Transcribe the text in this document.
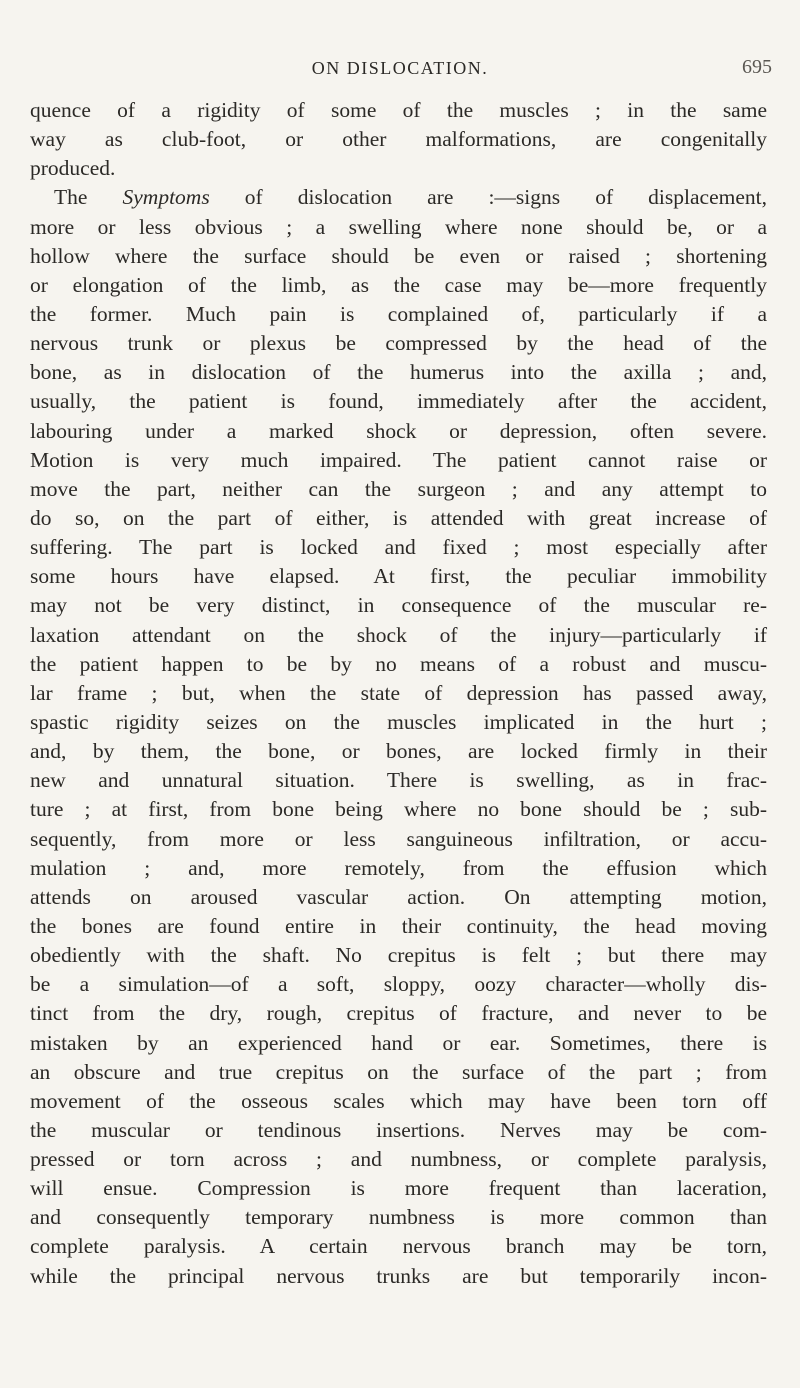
ON DISLOCATION.	695
quence of a rigidity of some of the muscles ; in the same
way as club-foot, or other malformations, are congenitally
produced.
The Symptoms of dislocation are :—signs of displacement,
more or less obvious ; a swelling where none should be, or a
hollow where the surface should be even or raised ; shortening
or elongation of the limb, as the case may be—more frequently
the former. Much pain is complained of, particularly if a
nervous trunk or plexus be compressed by the head of the
bone, as in dislocation of the humerus into the axilla ; and,
usually, the patient is found, immediately after the accident,
labouring under a marked shock or depression, often severe.
Motion is very much impaired. The patient cannot raise or
move the part, neither can the surgeon ; and any attempt to
do so, on the part of either, is attended with great increase of
suffering. The part is locked and fixed ; most especially after
some hours have elapsed. At first, the peculiar immobility
may not be very distinct, in consequence of the muscular re-
laxation attendant on the shock of the injury—particularly if
the patient happen to be by no means of a robust and muscu-
lar frame ; but, when the state of depression has passed away,
spastic rigidity seizes on the muscles implicated in the hurt ;
and, by them, the bone, or bones, are locked firmly in their
new and unnatural situation. There is swelling, as in frac-
ture ; at first, from bone being where no bone should be ; sub-
sequently, from more or less sanguineous infiltration, or accu-
mulation ; and, more remotely, from the effusion which
attends on aroused vascular action. On attempting motion,
the bones are found entire in their continuity, the head moving
obediently with the shaft. No crepitus is felt ; but there may
be a simulation—of a soft, sloppy, oozy character—wholly dis-
tinct from the dry, rough, crepitus of fracture, and never to be
mistaken by an experienced hand or ear. Sometimes, there is
an obscure and true crepitus on the surface of the part ; from
movement of the osseous scales which may have been torn off
the muscular or tendinous insertions. Nerves may be com-
pressed or torn across ; and numbness, or complete paralysis,
will ensue. Compression is more frequent than laceration,
and consequently temporary numbness is more common than
complete paralysis. A certain nervous branch may be torn,
while the principal nervous trunks are but temporarily incon-
